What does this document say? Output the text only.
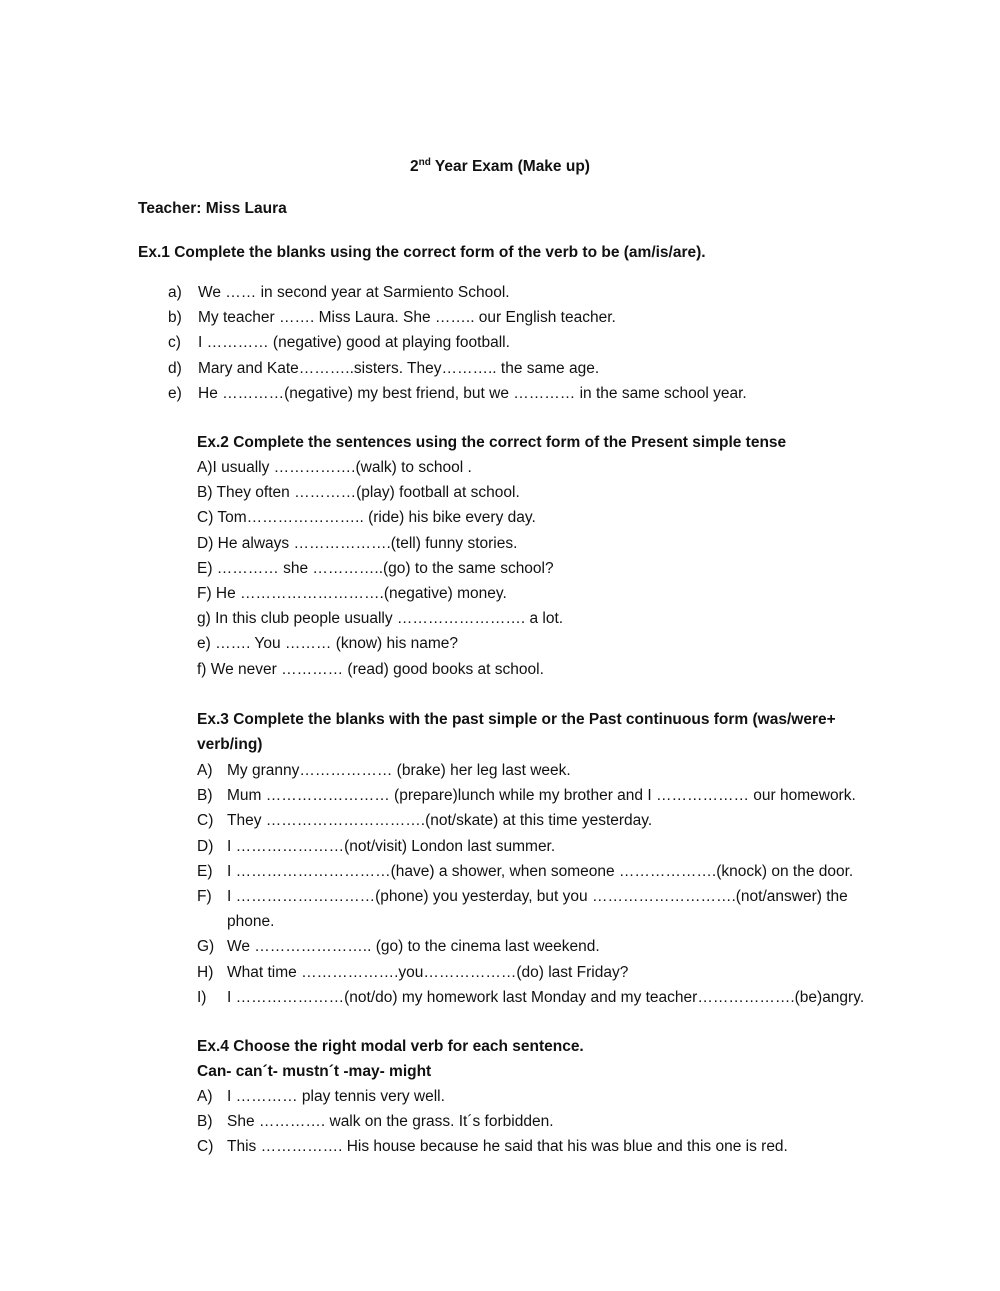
2nd Year Exam (Make up)
Teacher: Miss Laura
Ex.1 Complete the blanks using the correct form of the verb to be (am/is/are).
a) We …… in second year at Sarmiento School.
b) My teacher ……. Miss Laura. She …….. our English teacher.
c) I ………… (negative) good at playing football.
d) Mary and Kate………..sisters. They……….. the same age.
e) He …………(negative) my best friend, but we ………… in the same school year.
Ex.2 Complete the sentences using the correct form of the Present simple tense
A)I usually …………….(walk) to school .
B) They often …………(play) football at school.
C) Tom………………….. (ride) his bike every day.
D) He always ……………….(tell) funny stories.
E) ………… she …………..(go) to the same school?
F) He ……………………….(negative) money.
g) In this club people usually ……………………. a lot.
e) ……. You ……… (know) his name?
f) We never ………… (read) good books at school.
Ex.3 Complete the blanks with the past simple or the Past continuous form (was/were+ verb/ing)
A) My granny……………… (brake) her leg last week.
B) Mum …………………… (prepare)lunch while my brother and I ……………… our homework.
C) They ………………………….(not/skate) at this time yesterday.
D) I …………………(not/visit) London last summer.
E) I …………………………(have) a shower, when someone ……………….(knock) on the door.
F) I ………………………(phone) you yesterday, but you ……………………….(not/answer) the phone.
G) We ………………….. (go) to the cinema last weekend.
H) What time ……………….you………………(do) last Friday?
I) I …………………(not/do) my homework last Monday and my teacher……………….(be)angry.
Ex.4 Choose the right modal verb for each sentence.
Can- can´t- mustn´t -may- might
A) I ………… play tennis very well.
B) She …………. walk on the grass. It´s forbidden.
C) This ……………. His house because he said that his was blue and this one is red.
